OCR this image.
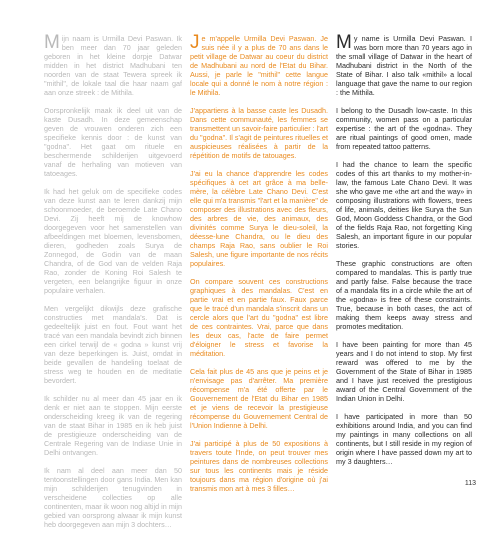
Mijn naam is Urmilla Devi Paswan. Ik ben meer dan 70 jaar geleden geboren in het kleine dorpje Datwar midden in het district Madhubani ten noorden van de staat Tewera spreek ik "mithil", de lokale taal die haar naam gaf aan onze streek : de Mithila.

Oorspronkelijk maak ik deel uit van de kaste Dusadh. In deze gemeenschap geven de vrouwen onderen zich een specifieke kennis door : de kunst van "godna". Het gaat om rituele en beschermende schilderijen uitgevoerd vanaf de herhaling van motieven van tatoeages.

Ik had het geluk om de specifieke codes van deze kunst aan te leren dankzij mijn schoonmoeder, de beroemde Late Chano Devi. Zij heeft mij de knowhow doorgegeven voor het samenstellen van afbeeldingen met bloemen, levensbomen, dieren, godheden zoals Surya de Zonnegod, de Godin van de maan Chandra, of de God van de velden Raja Rao, zonder de Koning Roi Salesh te vergeten, een belangrijke figuur in onze populaire verhalen.

Men vergelijkt dikwijls deze grafische constructies met mandala's. Dat is gedeeltelijk juist en fout. Fout want het tracé van een mandala bevindt zich binnen een cirkel terwijl de « godna » kunst vrij van deze beperkingen is. Juist, omdat in beide gevallen de handeling toelaat de stress weg te houden en de meditatie bevordert.

Ik schilder nu al meer dan 45 jaar en ik denk er niet aan te stoppen. Mijn eerste onderscheiding kreeg ik van de regering van de staat Bihar in 1985 en ik heb juist de prestigieuze onderscheiding van de Centrale Regering van de Indiase Unie in Delhi ontvangen.

Ik nam al deel aan meer dan 50 tentoonstellingen door gans India. Men kan mijn schilderijen tenugvinden in verscheidene collecties op alle continenten, maar ik woon nog altijd in mijn gebied van oorsprong alwaar ik mijn kunst heb doorgegeven aan mijn 3 dochters…

Je m'appelle Urmilla Devi Paswan. Je suis née il y a plus de 70 ans dans le petit village de Datwar au coeur du district de Madhubani au nord de l'Etat du Bihar. Aussi, je parle le "mithil" cette langue locale qui a donné le nom à notre région : le Mithila.

J'appartiens à la basse caste les Dusadh. Dans cette communauté, les femmes se transmettent un savoir-faire particulier : l'art du "godna". Il s'agit de peintures rituelles et auspicieuses réalisées à partir de la répétition de motifs de tatouages.

J'ai eu la chance d'apprendre les codes spécifiques à cet art grâce à ma belle-mère, la célèbre Late Chano Devi. C'est elle qui m'a transmis "l'art et la manière" de composer des illustrations avec des fleurs, des arbres de vie, des animaux, des divinités comme Surya le dieu-soleil, la déesse-lune Chandra, ou le dieu des champs Raja Rao, sans oublier le Roi Salesh, une figure importante de nos récits populaires.

On compare souvent ces constructions graphiques à des mandalas. C'est en partie vrai et en partie faux. Faux parce que le tracé d'un mandala s'inscrit dans un cercle alors que l'art du "godna" est libre de ces contraintes. Vrai, parce que dans les deux cas, l'acte de faire permet d'éloigner le stress et favorise la méditation.

Cela fait plus de 45 ans que je peins et je n'envisage pas d'arrêter. Ma première récompense m'a été offerte par le Gouvernement de l'Etat du Bihar en 1985 et je viens de recevoir la prestigieuse récompense du Gouvernement Central de l'Union Indienne à Delhi.

J'ai participé à plus de 50 expositions à travers toute l'Inde, on peut trouver mes peintures dans de nombreuses collections sur tous les continents mais je réside toujours dans ma région d'origine où j'ai transmis mon art à mes 3 filles…

My name is Urmilla Devi Paswan. I was born more than 70 years ago in the small village of Datwar in the heart of Madhubani district in the North of the State of Bihar. I also talk «mithil» a local language that gave the name to our region : the Mithila.

I belong to the Dusadh low-caste. In this community, women pass on a particular expertise : the art of the «godna». They are ritual paintings of good omen, made from repeated tattoo patterns.

I had the chance to learn the specific codes of this art thanks to my mother-in-law, the famous Late Chano Devi. It was she who gave me «the art and the way» in composing illustrations with flowers, trees of life, animals, deities like Surya the Sun God, Moon Goddess Chandra, or the God of the fields Raja Rao, not forgetting King Salesh, an important figure in our popular stories.

These graphic constructions are often compared to mandalas. This is partly true and partly false. False because the trace of a mandala fits in a circle while the art of the «godna» is free of these constraints. True, because in both cases, the act of making them keeps away stress and promotes meditation.

I have been painting for more than 45 years and I do not intend to stop. My first reward was offered to me by the Government of the State of Bihar in 1985 and I have just received the prestigious award of the Central Government of the Indian Union in Delhi.

I have participated in more than 50 exhibitions around India, and you can find my paintings in many collections on all continents, but I still reside in my region of origin where I have passed down my art to my 3 daughters…

113
